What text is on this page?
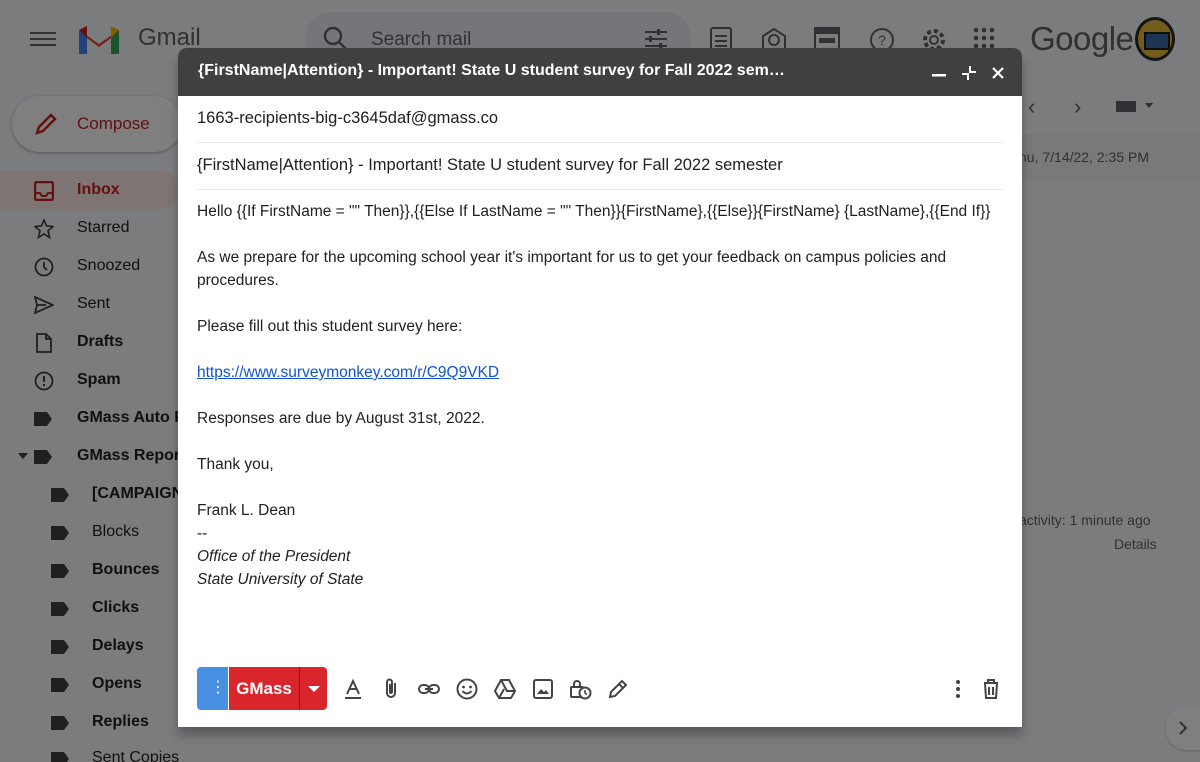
{FirstName|Attention} - Important! State U student survey for Fall 2022 sem…
1663-recipients-big-c3645daf@gmass.co
{FirstName|Attention} - Important! State U student survey for Fall 2022 semester

Hello {{If FirstName = "" Then}},{{Else If LastName = "" Then}}{FirstName},{{Else}}{FirstName} {LastName},{{End If}}

As we prepare for the upcoming school year it's important for us to get your feedback on campus policies and procedures.

Please fill out this student survey here:

https://www.surveymonkey.com/r/C9Q9VKD

Responses are due by August 31st, 2022.

Thank you,

Frank L. Dean
--
Office of the President
State University of State
⋮ GMass
